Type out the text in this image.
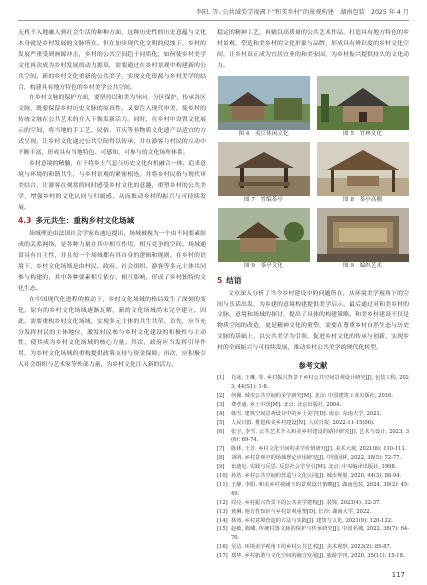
李阳, 等: 公共域美学视阈下“和美乡村”的景观构建　湖南包装　2025 年 4 月

无机不入地融入到社会生活的种种方面，这种历史性的历史意蕴与文化本身就是乡村发展的文脉所在。但在加步现代化文明的侵蚀下，乡村的发展严重受到画源冲击，乡村的公共空间趋于同质化，如何使乡村美学文化再次成为乡村发展的动力源泉，需要通过在乡村景观中构建新的公共空间，新的乡村文化重新的公共美学，实现文化资源与乡村美学的结合，构建具有地方特色的乡村美学公共空间。

在乡村文脉的保护方面，要坚持以和美为导向，分区保护，传承各区文脉，既要保留乡村历史文脉的原真性，又要注入现代审美，使乡村的传统文脉在公共艺术的介入下焕发新活力。同时，在乡村中设置文化展示的空间，将当地的手工艺、民俗、节庆等非物质文化遗产以适宜的方式呈现，让乡村文化通过公共空间得以传承，并在游客与村民的互动中不断丰富，形成具有当地特色、可感知、可参与的文化场所体系。

乡村意境的精髓，在于将乡土气息与历史文化有机融合一体，追求意境与环境的和谐共生，与乡村景观的紧密相连。并将乡村民俗与现代审美结合，让游客在观赏的同时感受乡村文化的意趣，重塑乡村的公共美学，增强乡村的文化认同与归属感，从而推动乡村的振兴与可持续发展。

4.3 多元共生：重构乡村文化场域

场域理论由法国社会学家布迪厄提出，场域被视为一个由不同要素组成的关系网络，是各种力量在其中相互作用、相互竞争的空间。场域通常具有自主性，并且每一个场域都有其自身的逻辑和规则。在乡村的语境下，乡村文化场域是由村民、政府、社会组织、游客等多元主体共同参与构建的，其中各种要素相互依存、相互影响，形成了乡村独特的文化生态。

在中国现代化进程的推动下，乡村文化场域的格局发生了深刻的变化，原有的乡村文化场域逐渐瓦解，新的文化场域尚未完全建立。因此，需要重构乡村文化场域，实现多元主体的共生共荣。首先，应当充分发挥村民的主体地位，激发村民参与乡村文化建设的积极性与主动性，使其成为乡村文化场域的核心力量；其次，政府应当发挥引导作用，为乡村文化场域的重构提供政策支持与资金保障；再次，应积极引入社会组织与艺术家等外部力量，为乡村文化注入新的活力。

稳定的精神工艺，再辅以高质量的公共艺术作品，打造具有地方特色的乡村景观，塑造和美乡村的文化形象与品牌，形成具有辨识度的乡村文化空间，让乡村真正成为宜居宜业的和美家园，为乡村振兴提供持久的文化动力。

图 4　夷江休闲文化	图 5　竹林文化
图 7　竹编茶亭	图 8　茶亭高棚
图 9　茶亭文化	图 9　编织艺术
5 结语

文章深入分析了当今乡村建设中的问题所在，从环境美学视角下的空间与乐话出发，为乡建的意境构建提供美学启示，最后通过对和美乡村的文脉、意境和场域的探讨，提出了具体的构建策略。和美乡村建设不仅是物质空间的改造，更是精神文化的重塑，需要在尊重乡村自然生态与历史文脉的基础上，以公共美学为引领，促进乡村文化的传承与创新，实现乡村的全面振兴与可持续发展，推动乡村公共美学的现代化转型。

参考文献
[1]	肖冰, 王琳, 等. 乡村振兴背景下乡村公共空间景观设计研究[J]. 包装工程, 2023, 44(S1): 1-8.
[2]	何佩. 城市公共空间的美学研究[M]. 北京: 中国建筑工业出版社, 2016.
[3]	费孝通. 乡土中国[M]. 北京: 北京出版社, 2004.
[4]	韩雪. 建筑空间景观设计中的乡土美学[D]. 南京: 东南大学, 2021.
[5]	人民日报. 推进和美乡村建设[N]. 人民日报, 2022-11-15(06).
[6]	张宇, 李雪. 公共艺术介入和美乡村建设的路径研究[J]. 艺术与设计, 2023, 3(6): 69-74.
[7]	陈林, 王芳. 乡村文化空间的美学价值研究[J]. 美术大观, 2021(8): 110-111.
[8]	刘明. 乡村景观中的场域理论应用研究[J]. 中国园林, 2022, 38(5): 72-77.
[9]	布迪厄. 实践与反思: 反思社会学导引[M]. 北京: 中央编译出版社, 1998.
[10] 孙浩. 乡村公共空间的营造与文化认同[J]. 城市规划, 2020, 44(3): 88-94.
[11] 王静, 李阳. 和美乡村视阈下的景观设计策略[J]. 湖南包装, 2024, 39(2): 45-49.
[12] 周亮. 乡村振兴背景下的公共美学建构[J]. 装饰, 2023(4): 32-37.
[13] 黄琳. 地方性知识与乡村景观重塑[D]. 长沙: 湖南大学, 2022.
[14] 林涛. 乡村意境营造的方法与实践[J]. 建筑与文化, 2021(9): 120-122.
[15] 赵敏, 陈曦. 传统村落文脉的保护与传承研究[J]. 中国名城, 2022, 36(7): 64-70.
[16] 吴洁. 环境美学视角下的乡村公共艺术[J]. 美术观察, 2023(2): 85-87.
[17] 郑华. 乡村旅游与文化空间的融合发展[J]. 旅游学刊, 2020, 35(11): 15-18.
117
